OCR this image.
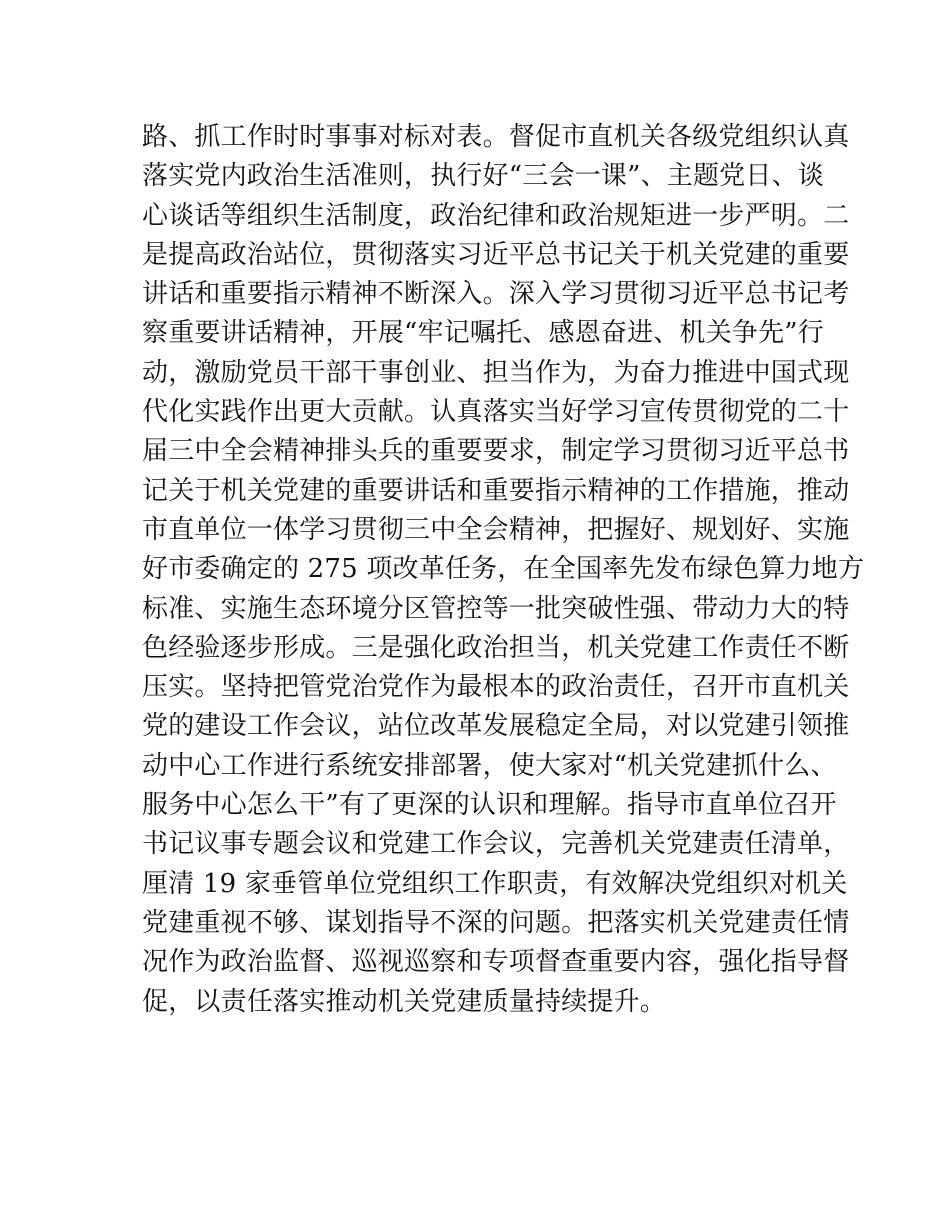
路、抓工作时时事事对标对表。督促市直机关各级党组织认真
落实党内政治生活准则，执行好“三会一课”、主题党日、谈
心谈话等组织生活制度，政治纪律和政治规矩进一步严明。二
是提高政治站位，贯彻落实习近平总书记关于机关党建的重要
讲话和重要指示精神不断深入。深入学习贯彻习近平总书记考
察重要讲话精神，开展“牢记嘱托、感恩奋进、机关争先”行
动，激励党员干部干事创业、担当作为，为奋力推进中国式现
代化实践作出更大贡献。认真落实当好学习宣传贯彻党的二十
届三中全会精神排头兵的重要要求，制定学习贯彻习近平总书
记关于机关党建的重要讲话和重要指示精神的工作措施，推动
市直单位一体学习贯彻三中全会精神，把握好、规划好、实施
好市委确定的 275 项改革任务，在全国率先发布绿色算力地方
标准、实施生态环境分区管控等一批突破性强、带动力大的特
色经验逐步形成。三是强化政治担当，机关党建工作责任不断
压实。坚持把管党治党作为最根本的政治责任，召开市直机关
党的建设工作会议，站位改革发展稳定全局，对以党建引领推
动中心工作进行系统安排部署，使大家对“机关党建抓什么、
服务中心怎么干”有了更深的认识和理解。指导市直单位召开
书记议事专题会议和党建工作会议，完善机关党建责任清单，
厘清 19 家垂管单位党组织工作职责，有效解决党组织对机关
党建重视不够、谋划指导不深的问题。把落实机关党建责任情
况作为政治监督、巡视巡察和专项督查重要内容，强化指导督
促，以责任落实推动机关党建质量持续提升。
